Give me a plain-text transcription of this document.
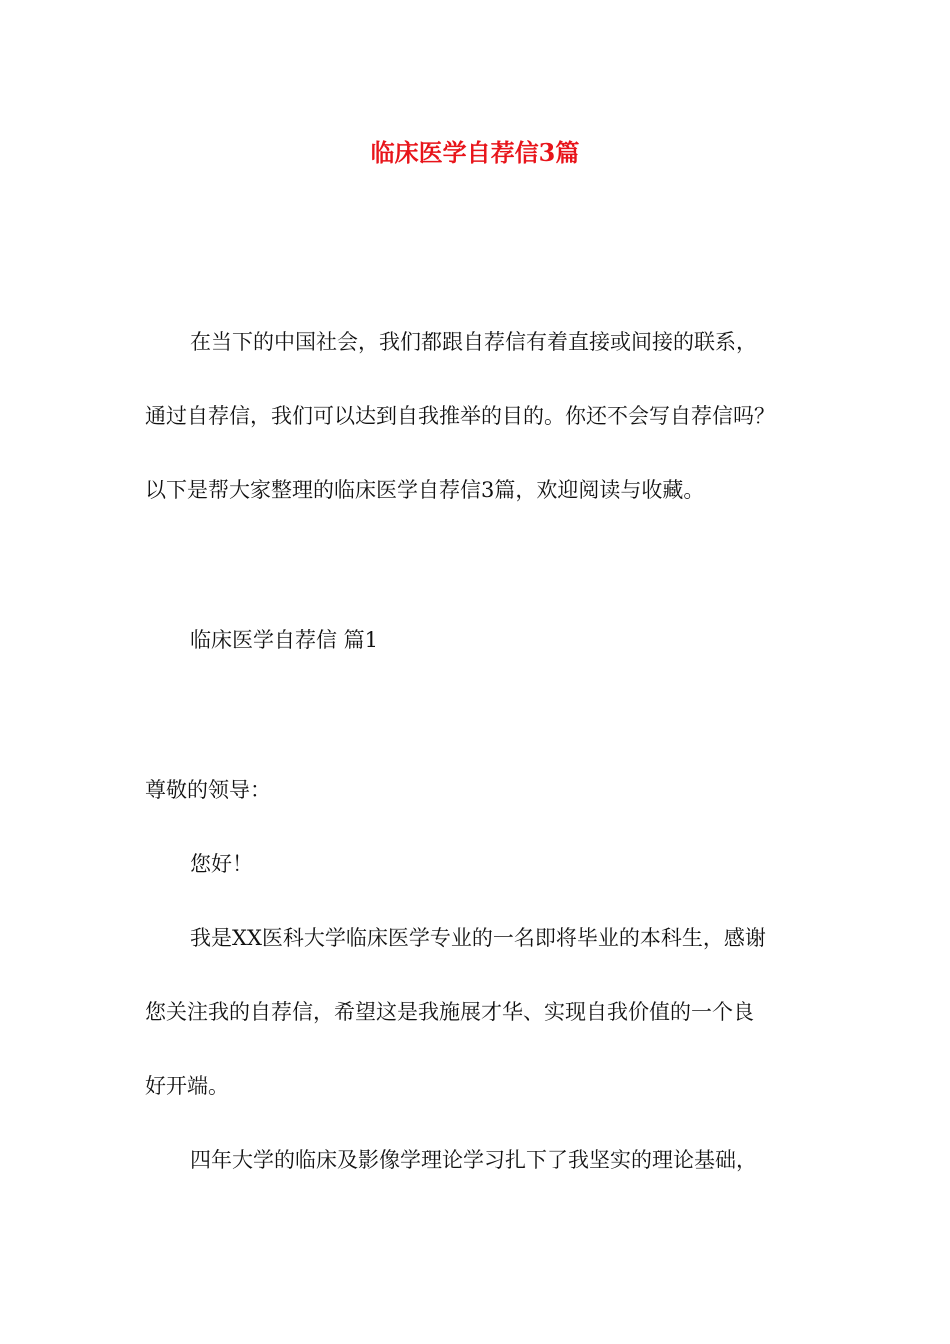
临床医学自荐信3篇

在当下的中国社会，我们都跟自荐信有着直接或间接的联系，

通过自荐信，我们可以达到自我推举的目的。你还不会写自荐信吗？

以下是帮大家整理的临床医学自荐信3篇，欢迎阅读与收藏。

临床医学自荐信 篇1

尊敬的领导：

您好！

我是XX医科大学临床医学专业的一名即将毕业的本科生，感谢

您关注我的自荐信，希望这是我施展才华、实现自我价值的一个良

好开端。

四年大学的临床及影像学理论学习扎下了我坚实的理论基础，
